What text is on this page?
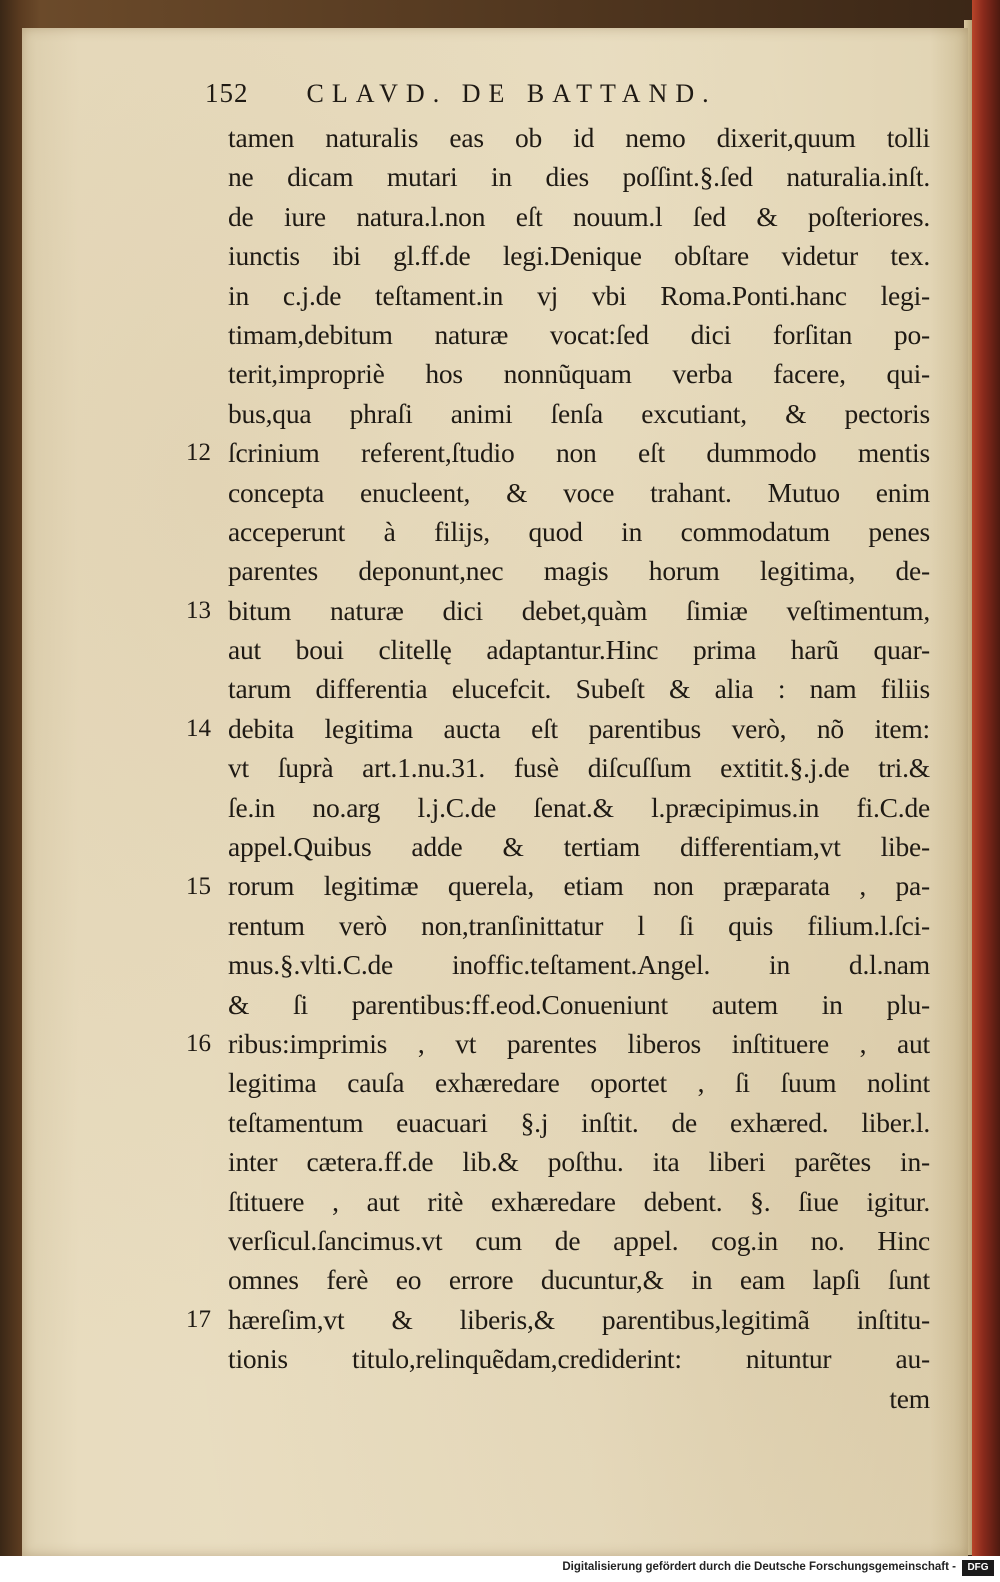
152 CLAVD. DE BATTAND.
tamen naturalis eas ob id nemo dixerit,quum tolli
ne dicam mutari in dies poſſint.§.ſed naturalia.inſt.
de iure natura.l.non eſt nouum.l ſed & poſteriores.
iunctis ibi gl.ff.de legi.Denique obſtare videtur tex.
in c.j.de teſtament.in vj vbi Roma.Ponti.hanc legi-
timam,debitum naturæ vocat:ſed dici forſitan po-
terit,impropriè hos nonnũquam verba facere, qui-
bus,qua phraſi animi ſenſa excutiant, & pectoris
ſcrinium referent,ſtudio non eſt dummodo mentis
concepta enucleent, & voce trahant. Mutuo enim
acceperunt à filijs, quod in commodatum penes
parentes deponunt,nec magis horum legitima, de-
bitum naturæ dici debet,quàm ſimiæ veſtimentum,
aut boui clitellę adaptantur.Hinc prima harũ quar-
tarum differentia elucefcit. Subeſt & alia : nam filiis
debita legitima aucta eſt parentibus verò, nõ item:
vt ſuprà art.1.nu.31. fusè diſcuſſum extitit.§.j.de tri.&
ſe.in no.arg l.j.C.de ſenat.& l.præcipimus.in fi.C.de
appel.Quibus adde & tertiam differentiam,vt libe-
rorum legitimæ querela, etiam non præparata , pa-
rentum verò non,tranſinittatur l ſi quis filium.l.ſci-
mus.§.vlti.C.de inoffic.teſtament.Angel. in d.l.nam
& ſi parentibus:ff.eod.Conueniunt autem in plu-
ribus:imprimis , vt parentes liberos inſtituere , aut
legitima cauſa exhæredare oportet , ſi ſuum nolint
teſtamentum euacuari §.j inſtit. de exhæred. liber.l.
inter cætera.ff.de lib.& poſthu. ita liberi parẽtes in-
ſtituere , aut ritè exhæredare debent. §. ſiue igitur.
verſicul.ſancimus.vt cum de appel. cog.in no. Hinc
omnes ferè eo errore ducuntur,& in eam lapſi ſunt
hæreſim,vt & liberis,& parentibus,legitimã inſtitu-
tionis titulo,relinquẽdam,crediderint: nituntur au-
tem
12
13
14
15
16
17
Digitalisierung gefördert durch die Deutsche Forschungsgemeinschaft -	DFG
